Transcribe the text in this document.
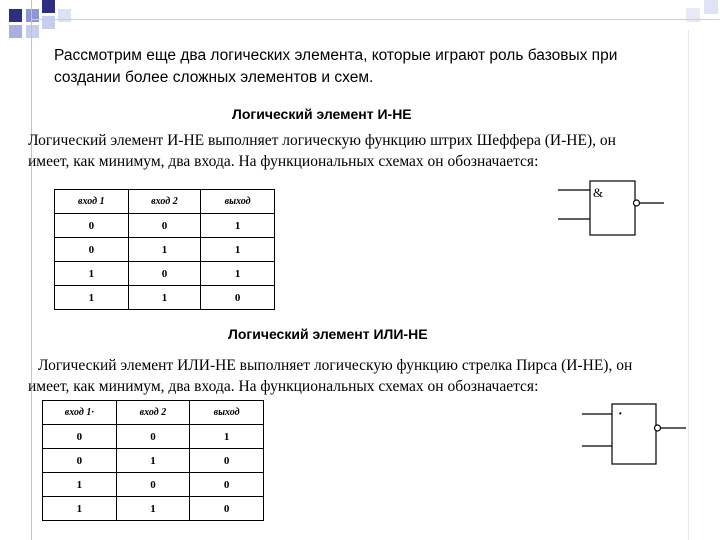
Рассмотрим еще два логических элемента, которые играют роль базовых при
создании более сложных элементов и схем.
Логический элемент И-НЕ
Логический элемент И-НЕ выполняет логическую функцию штрих Шеффера (И-НЕ), он
имеет, как минимум, два входа. На функциональных схемах он обозначается:
вход 1	вход 2	выход
0	0	1
0	1	1
1	0	1
1	1	0
&
Логический элемент ИЛИ-НЕ
Логический элемент ИЛИ-НЕ выполняет логическую функцию стрелка Пирса (И-НЕ), он
имеет, как минимум, два входа. На функциональных схемах он обозначается:
вход 1·	вход 2	выход
0	0	1
0	1	0
1	0	0
1	1	0
·
